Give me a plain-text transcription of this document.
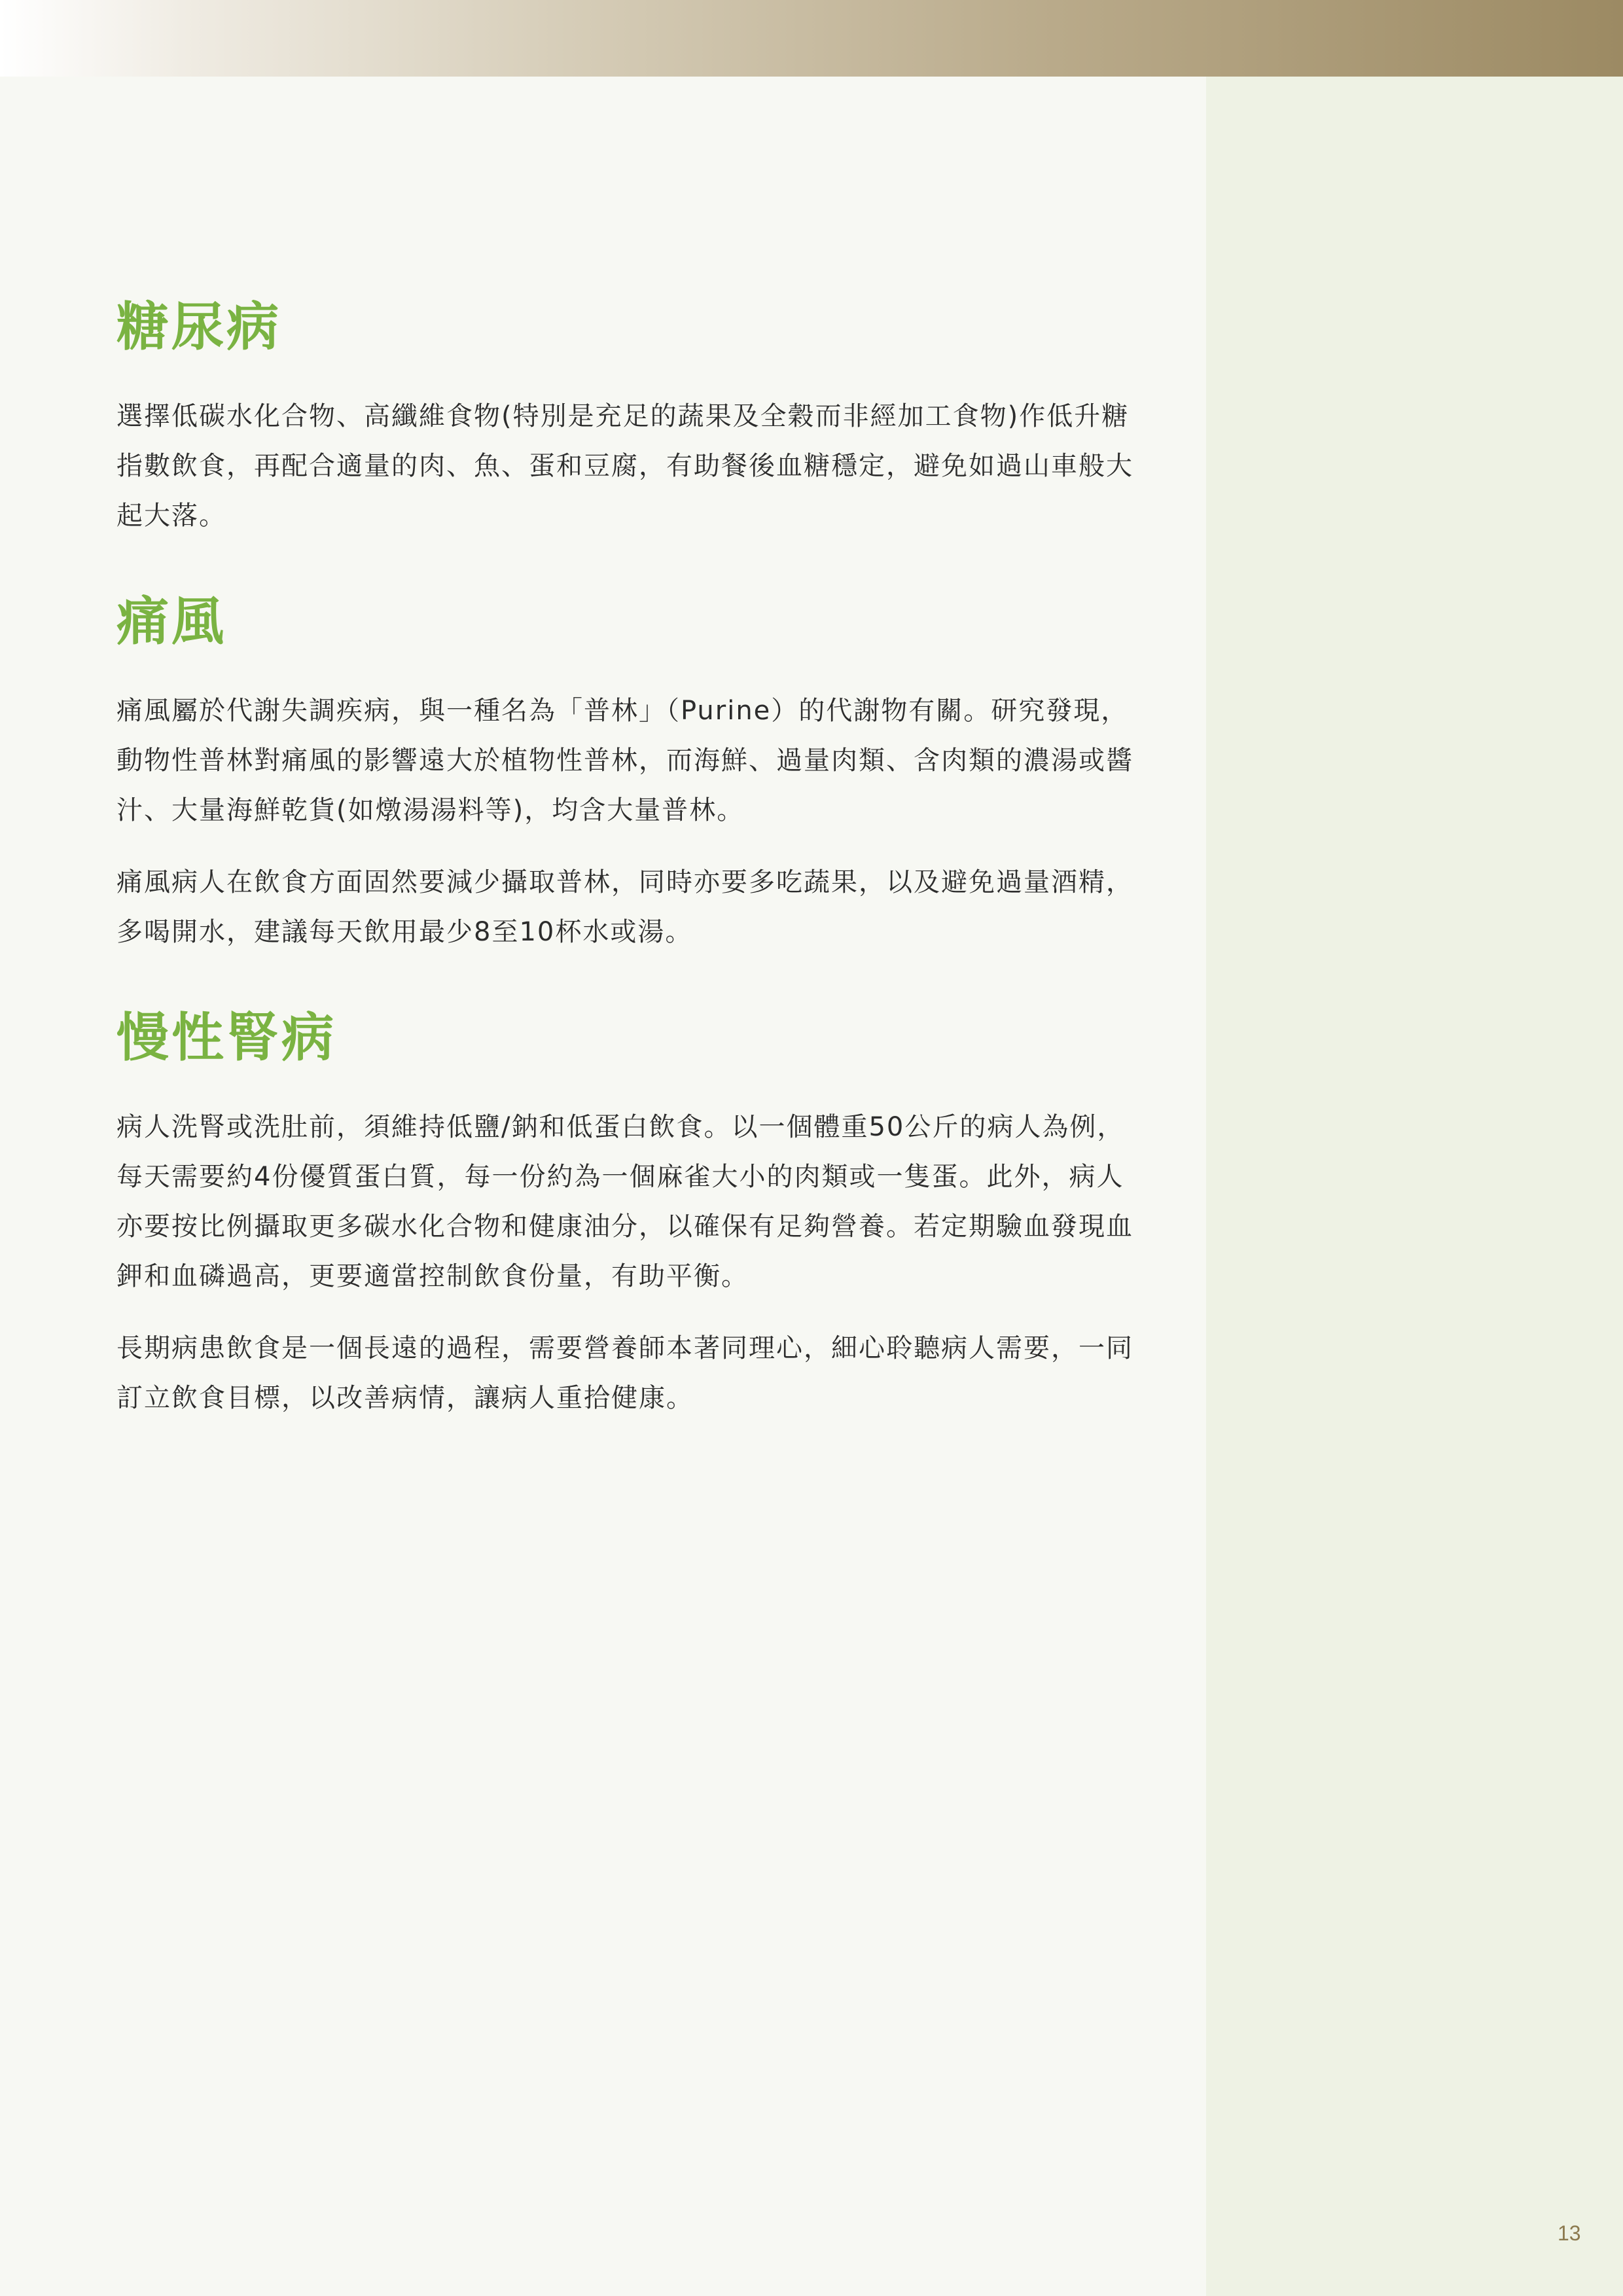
糖尿病

選擇低碳水化合物、高纖維食物(特別是充足的蔬果及全穀而非經加工食物)作低升糖指數飲食，再配合適量的肉、魚、蛋和豆腐，有助餐後血糖穩定，避免如過山車般大起大落。

痛風

痛風屬於代謝失調疾病，與一種名為「普林」（Purine）的代謝物有關。研究發現，動物性普林對痛風的影響遠大於植物性普林，而海鮮、過量肉類、含肉類的濃湯或醬汁、大量海鮮乾貨(如燉湯湯料等)，均含大量普林。

痛風病人在飲食方面固然要減少攝取普林，同時亦要多吃蔬果，以及避免過量酒精，多喝開水，建議每天飲用最少8至10杯水或湯。

慢性腎病

病人洗腎或洗肚前，須維持低鹽/鈉和低蛋白飲食。以一個體重50公斤的病人為例，每天需要約4份優質蛋白質，每一份約為一個麻雀大小的肉類或一隻蛋。此外，病人亦要按比例攝取更多碳水化合物和健康油分，以確保有足夠營養。若定期驗血發現血鉀和血磷過高，更要適當控制飲食份量，有助平衡。

長期病患飲食是一個長遠的過程，需要營養師本著同理心，細心聆聽病人需要，一同訂立飲食目標，以改善病情，讓病人重拾健康。

13
